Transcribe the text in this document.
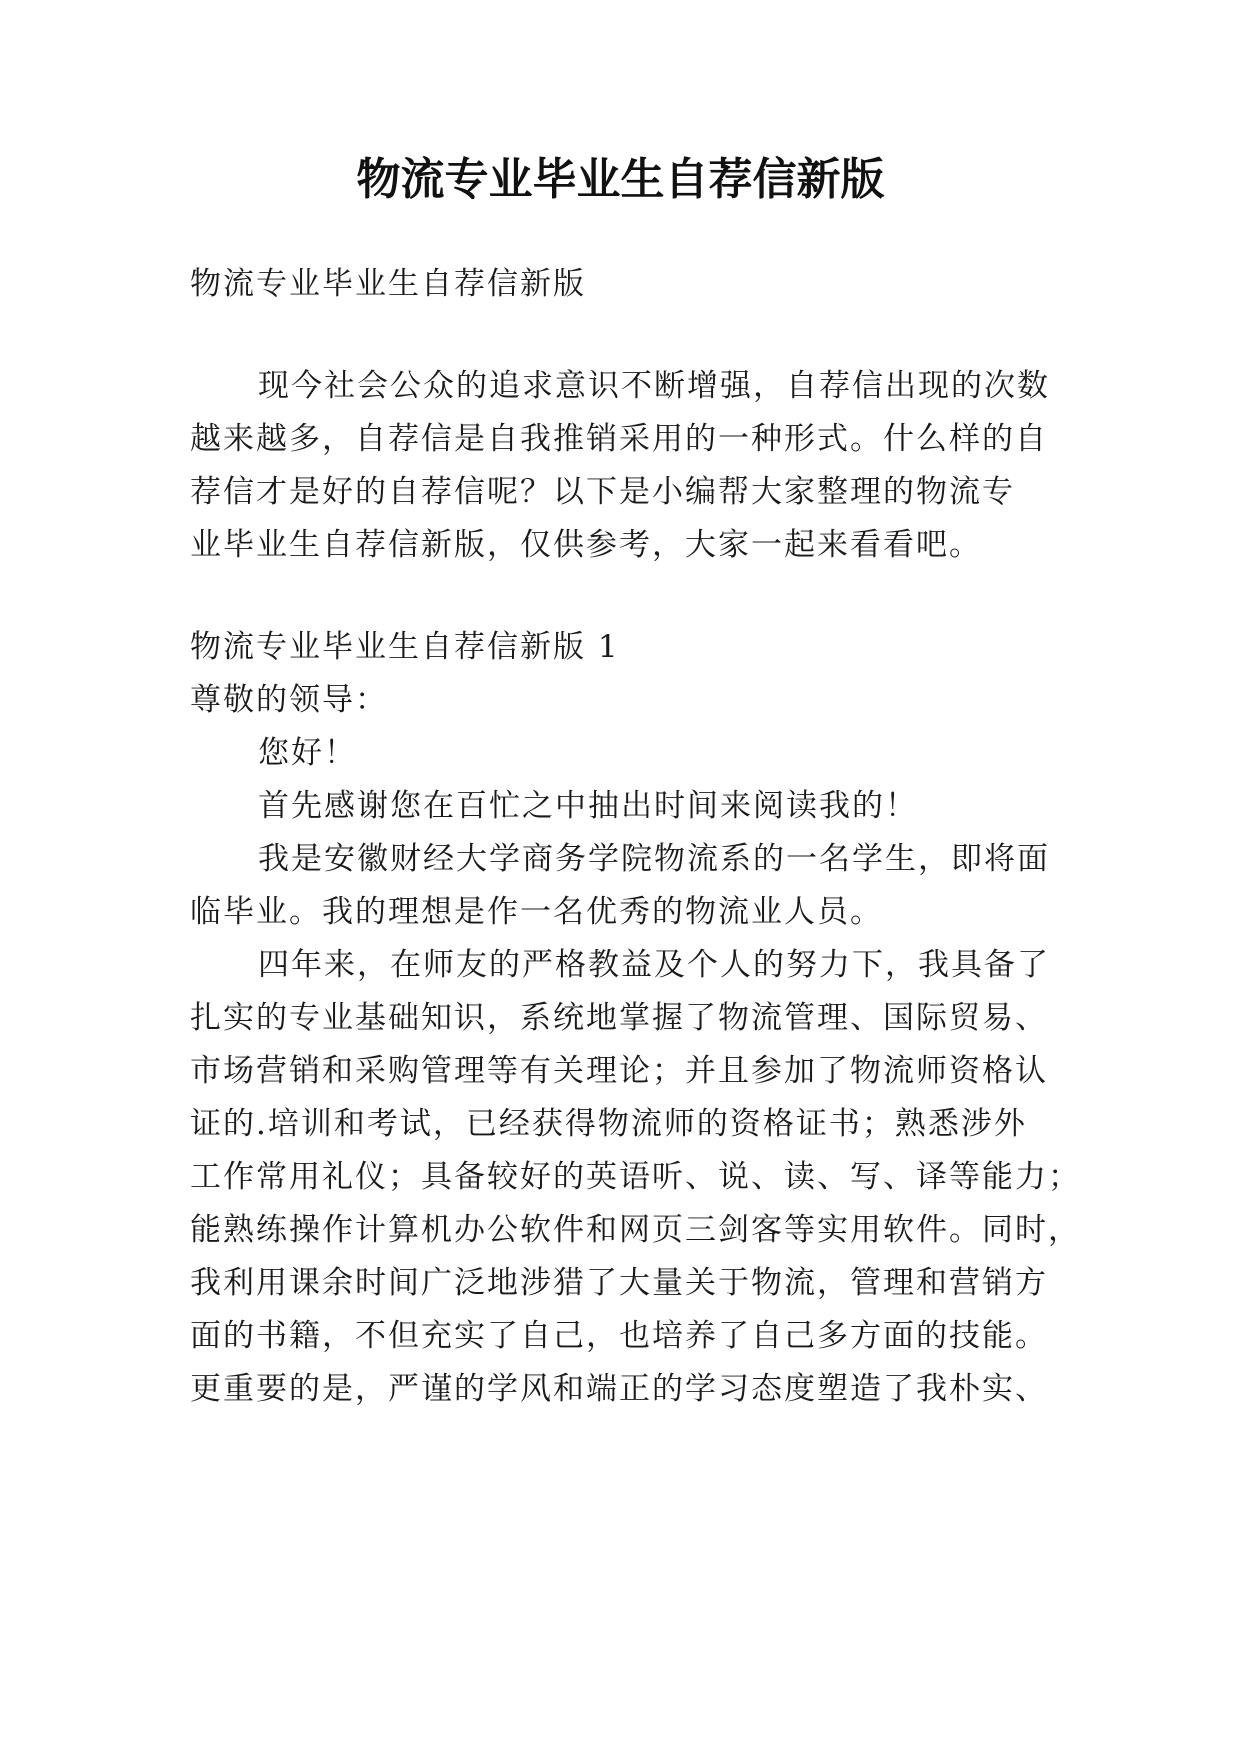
物流专业毕业生自荐信新版

物流专业毕业生自荐信新版

现今社会公众的追求意识不断增强，自荐信出现的次数

越来越多，自荐信是自我推销采用的一种形式。什么样的自

荐信才是好的自荐信呢？以下是小编帮大家整理的物流专

业毕业生自荐信新版，仅供参考，大家一起来看看吧。

物流专业毕业生自荐信新版 1

尊敬的领导：

您好！

首先感谢您在百忙之中抽出时间来阅读我的！

我是安徽财经大学商务学院物流系的一名学生，即将面

临毕业。我的理想是作一名优秀的物流业人员。

四年来，在师友的严格教益及个人的努力下，我具备了

扎实的专业基础知识，系统地掌握了物流管理、国际贸易、

市场营销和采购管理等有关理论；并且参加了物流师资格认

证的.培训和考试，已经获得物流师的资格证书；熟悉涉外

工作常用礼仪；具备较好的英语听、说、读、写、译等能力；

能熟练操作计算机办公软件和网页三剑客等实用软件。同时，

我利用课余时间广泛地涉猎了大量关于物流，管理和营销方

面的书籍，不但充实了自己，也培养了自己多方面的技能。

更重要的是，严谨的学风和端正的学习态度塑造了我朴实、
